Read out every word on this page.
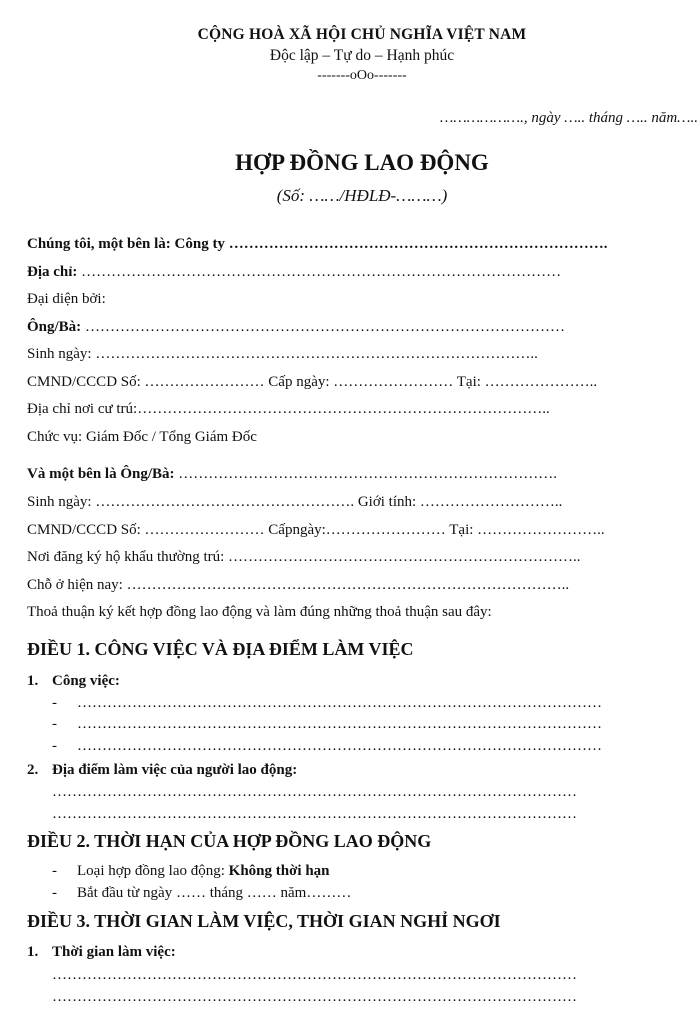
CỘNG HOÀ XÃ HỘI CHỦ NGHĨA VIỆT NAM
Độc lập – Tự do – Hạnh phúc
-------oOo-------
………………., ngày ….. tháng ….. năm…..
HỢP ĐỒNG LAO ĐỘNG
(Số: ……/HĐLĐ-………)
Chúng tôi, một bên là: Công ty ………………………………………………………………….
Địa chỉ: ……………………………………………………………………………………
Đại diện bởi:
Ông/Bà: ……………………………………………………………………………………
Sinh ngày: ……………………………………………………………………………..
CMND/CCCD Số: …………………… Cấp ngày: …………………… Tại: …………………..
Địa chỉ nơi cư trú:………………………………………………………………………..
Chức vụ: Giám Đốc / Tổng Giám Đốc
Và một bên là Ông/Bà: ………………………………………………………………….
Sinh ngày: ……………………………………………. Giới tính: ………………………..
CMND/CCCD Số: …………………… Cấpngày:…………………… Tại: ……………………..
Nơi đăng ký hộ khẩu thường trú: ……………………………………………………………..
Chỗ ở hiện nay: ……………………………………………………………………………..
Thoả thuận ký kết hợp đồng lao động và làm đúng những thoả thuận sau đây:
ĐIỀU 1. CÔNG VIỆC VÀ ĐỊA ĐIỂM LÀM VIỆC
1. Công việc:
- ……………………………………………………………………………………………
- ……………………………………………………………………………………………
- ……………………………………………………………………………………………
2. Địa điểm làm việc của người lao động:
……………………………………………………………………………………………
……………………………………………………………………………………………
ĐIỀU 2. THỜI HẠN CỦA HỢP ĐỒNG LAO ĐỘNG
- Loại hợp đồng lao động: Không thời hạn
- Bắt đầu từ ngày …… tháng …… năm………
ĐIỀU 3. THỜI GIAN LÀM VIỆC, THỜI GIAN NGHỈ NGƠI
1. Thời gian làm việc:
……………………………………………………………………………………………
……………………………………………………………………………………………
